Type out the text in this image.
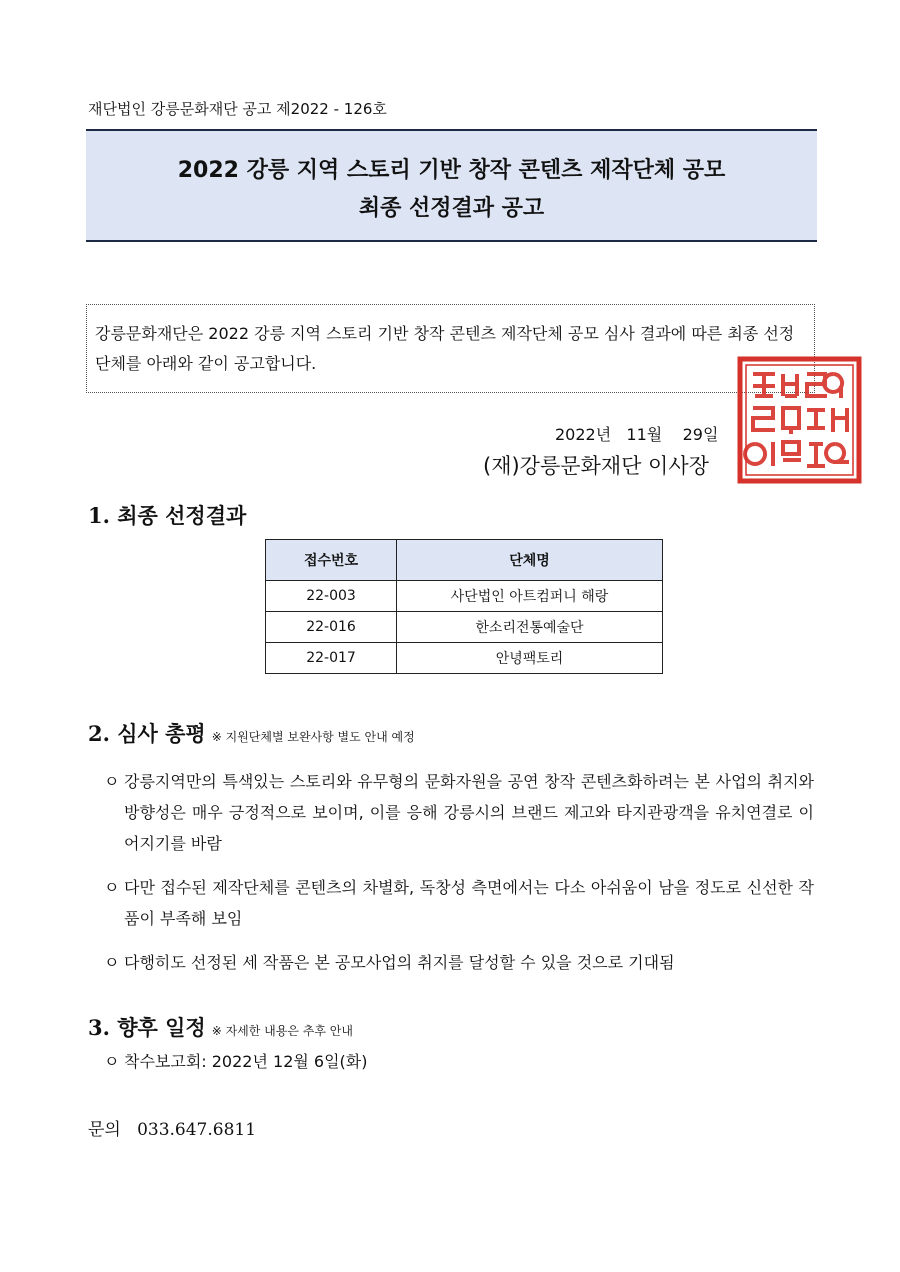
재단법인 강릉문화재단 공고 제2022 - 126호
2022 강릉 지역 스토리 기반 창작 콘텐츠 제작단체 공모
최종 선정결과 공고
강릉문화재단은 2022 강릉 지역 스토리 기반 창작 콘텐츠 제작단체 공모 심사 결과에 따른 최종 선정단체를 아래와 같이 공고합니다.
2022년   11월    29일
(재)강릉문화재단 이사장
1. 최종 선정결과
접수번호	단체명
22-003	사단법인 아트컴퍼니 해랑
22-016	한소리전통예술단
22-017	안녕팩토리
2. 심사 총평 ※ 지원단체별 보완사항 별도 안내 예정
ㅇ 강릉지역만의 특색있는 스토리와 유무형의 문화자원을 공연 창작 콘텐츠화하려는 본 사업의 취지와 방향성은 매우 긍정적으로 보이며, 이를 응해 강릉시의 브랜드 제고와 타지관광객을 유치연결로 이어지기를 바람
ㅇ 다만 접수된 제작단체를 콘텐츠의 차별화, 독창성 측면에서는 다소 아쉬움이 남을 정도로 신선한 작품이 부족해 보임
ㅇ 다행히도 선정된 세 작품은 본 공모사업의 취지를 달성할 수 있을 것으로 기대됨
3. 향후 일정 ※ 자세한 내용은 추후 안내
ㅇ 착수보고회: 2022년 12월 6일(화)
문의 033.647.6811
